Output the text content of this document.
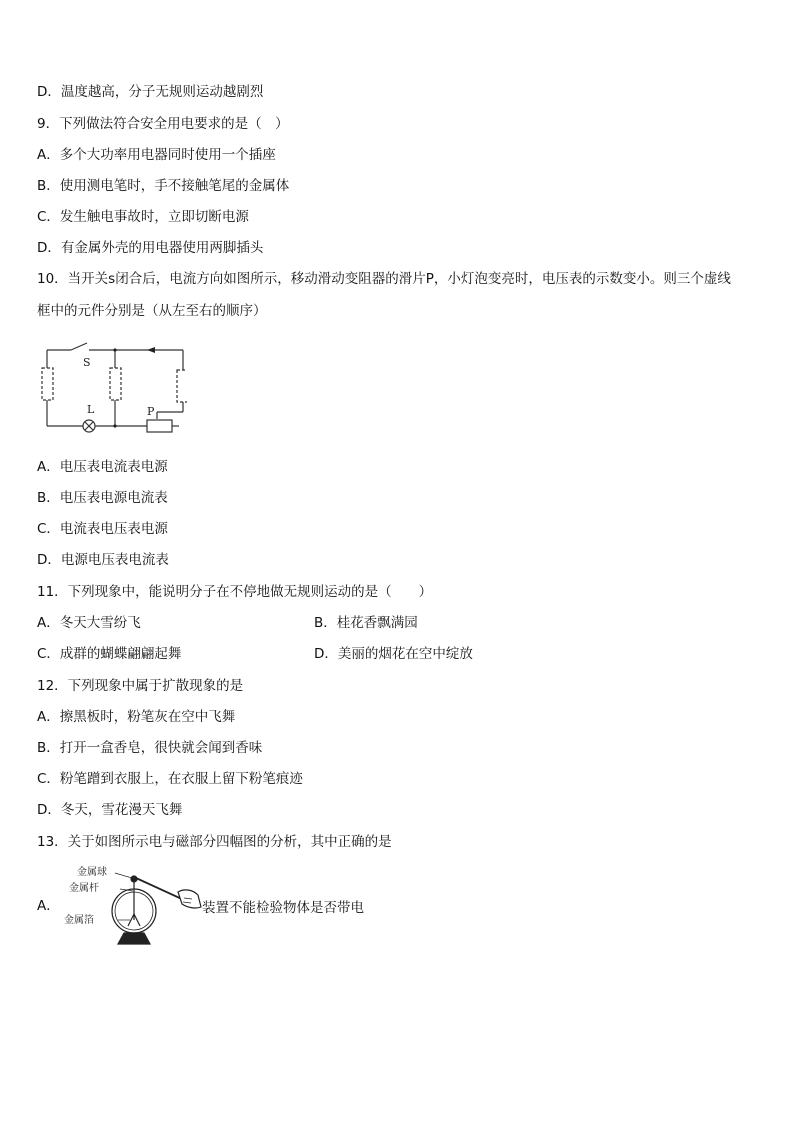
D．温度越高，分子无规则运动越剧烈
9．下列做法符合安全用电要求的是（　）
A．多个大功率用电器同时使用一个插座
B．使用测电笔时，手不接触笔尾的金属体
C．发生触电事故时，立即切断电源
D．有金属外壳的用电器使用两脚插头
10．当开关s闭合后，电流方向如图所示，移动滑动变阻器的滑片P，小灯泡变亮时，电压表的示数变小。则三个虚线
框中的元件分别是（从左至右的顺序）
S
L	P
A．电压表电流表电源
B．电压表电源电流表
C．电流表电压表电源
D．电源电压表电流表
11．下列现象中，能说明分子在不停地做无规则运动的是（　　）
A．冬天大雪纷飞	B．桂花香飘满园
C．成群的蝴蝶翩翩起舞	D．美丽的烟花在空中绽放
12．下列现象中属于扩散现象的是
A．擦黑板时，粉笔灰在空中飞舞
B．打开一盒香皂，很快就会闻到香味
C．粉笔蹭到衣服上，在衣服上留下粉笔痕迹
D．冬天，雪花漫天飞舞
13．关于如图所示电与磁部分四幅图的分析，其中正确的是
A．
金属球
金属杆
金属箔
装置不能检验物体是否带电
